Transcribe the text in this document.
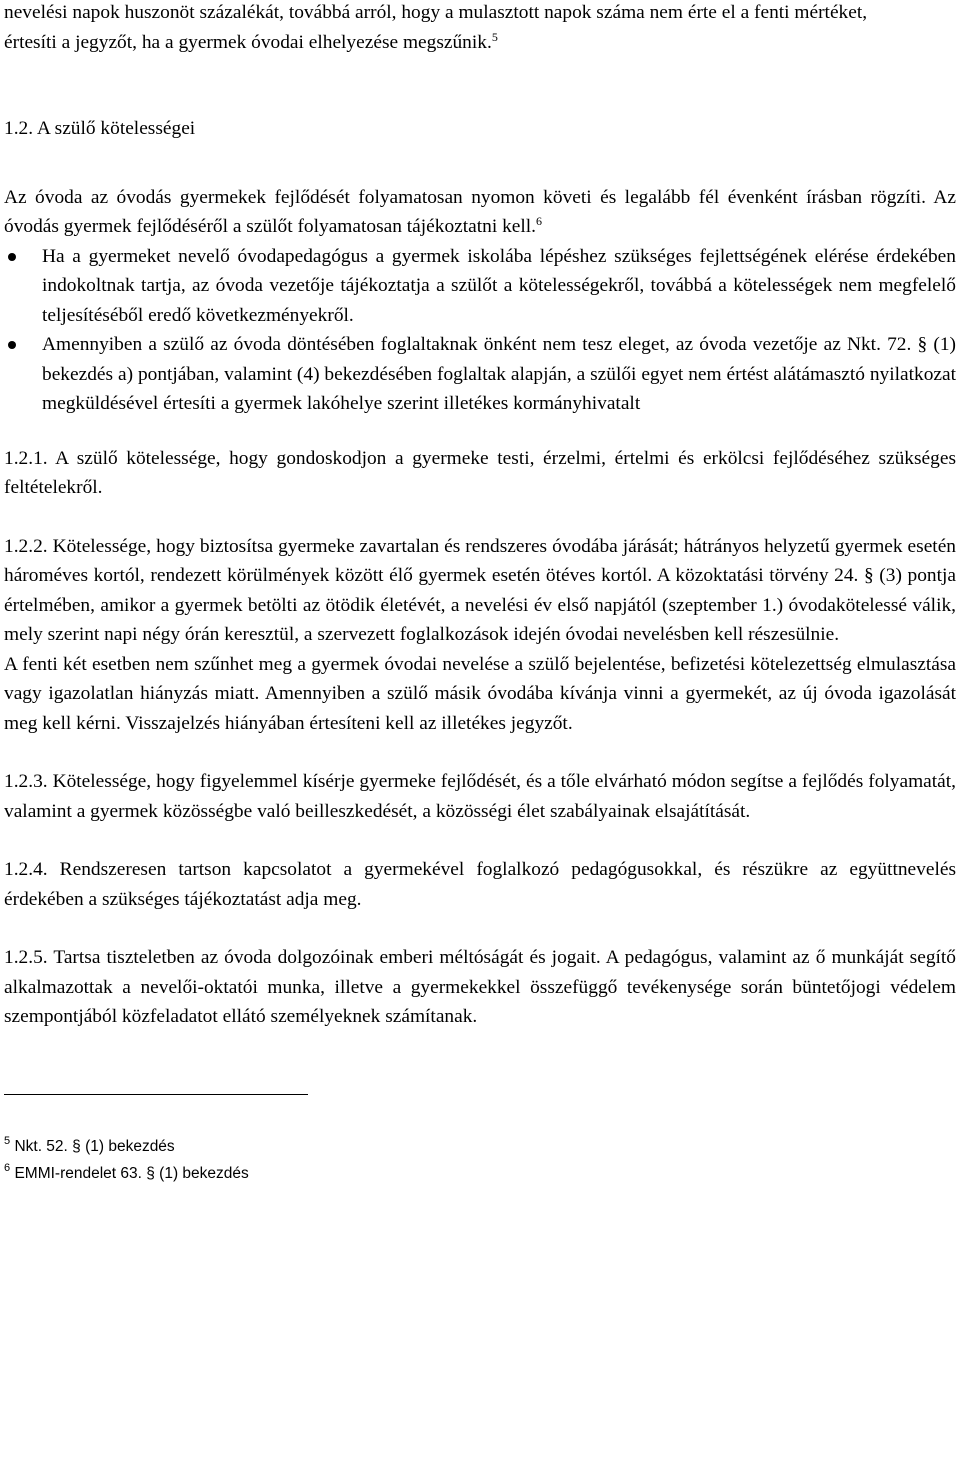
nevelési napok huszonöt százalékát, továbbá arról, hogy a mulasztott napok száma nem érte el a fenti mértéket,
értesíti a jegyzőt, ha a gyermek óvodai elhelyezése megszűnik.$^5$

1.2. A szülő kötelességei

Az óvoda az óvodás gyermekek fejlődését folyamatosan nyomon követi és legalább fél évenként írásban rögzíti. Az óvodás gyermek fejlődéséről a szülőt folyamatosan tájékoztatni kell.$^6$

Ha a gyermeket nevelő óvodapedagógus a gyermek iskolába lépéshez szükséges fejlettségének elérése érdekében indokoltnak tartja, az óvoda vezetője tájékoztatja a szülőt a kötelességekről, továbbá a kötelességek nem megfelelő teljesítéséből eredő következményekről.
Amennyiben a szülő az óvoda döntésében foglaltaknak önként nem tesz eleget, az óvoda vezetője az Nkt. 72. § (1) bekezdés a) pontjában, valamint (4) bekezdésében foglaltak alapján, a szülői egyet nem értést alátámasztó nyilatkozat megküldésével értesíti a gyermek lakóhelye szerint illetékes kormányhivatalt

1.2.1. A szülő kötelessége, hogy gondoskodjon a gyermeke testi, érzelmi, értelmi és erkölcsi fejlődéséhez szükséges feltételekről.

1.2.2. Kötelessége, hogy biztosítsa gyermeke zavartalan és rendszeres óvodába járását; hátrányos helyzetű gyermek esetén hároméves kortól, rendezett körülmények között élő gyermek esetén ötéves kortól. A közoktatási törvény 24. § (3) pontja értelmében, amikor a gyermek betölti az ötödik életévét, a nevelési év első napjától (szeptember 1.) óvodakötelessé válik, mely szerint napi négy órán keresztül, a szervezett foglalkozások idején óvodai nevelésben kell részesülnie.

A fenti két esetben nem szűnhet meg a gyermek óvodai nevelése a szülő bejelentése, befizetési kötelezettség elmulasztása vagy igazolatlan hiányzás miatt. Amennyiben a szülő másik óvodába kívánja vinni a gyermekét, az új óvoda igazolását meg kell kérni. Visszajelzés hiányában értesíteni kell az illetékes jegyzőt.

1.2.3. Kötelessége, hogy figyelemmel kísérje gyermeke fejlődését, és a tőle elvárható módon segítse a fejlődés folyamatát, valamint a gyermek közösségbe való beilleszkedését, a közösségi élet szabályainak elsajátítását.

1.2.4. Rendszeresen tartson kapcsolatot a gyermekével foglalkozó pedagógusokkal, és részükre az együttnevelés érdekében a szükséges tájékoztatást adja meg.

1.2.5. Tartsa tiszteletben az óvoda dolgozóinak emberi méltóságát és jogait. A pedagógus, valamint az ő munkáját segítő alkalmazottak a nevelői-oktatói munka, illetve a gyermekekkel összefüggő tevékenysége során büntetőjogi védelem szempontjából közfeladatot ellátó személyeknek számítanak.

$^5$ Nkt. 52. § (1) bekezdés
$^6$ EMMI-rendelet 63. § (1) bekezdés
